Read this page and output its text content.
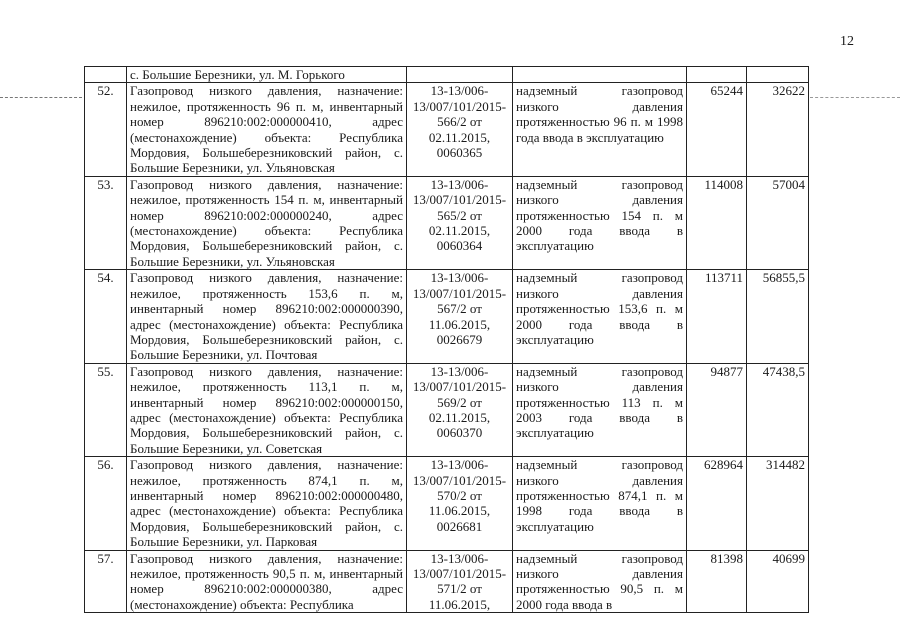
12
	с. Большие Березники, ул. М. Горького				
52.	Газопровод низкого давления, назначение: нежилое, протяженность 96 п. м, инвентарный номер 896210:002:000000410, адрес (местонахождение) объекта: Республика Мордовия, Большеберезниковский район, с. Большие Березники, ул. Ульяновская	13-13/006-13/007/101/2015-566/2 от 02.11.2015, 0060365	надземный газопровод низкого давления протяженностью 96 п. м 1998 года ввода в эксплуатацию	65244	32622
53.	Газопровод низкого давления, назначение: нежилое, протяженность 154 п. м, инвентарный номер 896210:002:000000240, адрес (местонахождение) объекта: Республика Мордовия, Большеберезниковский район, с. Большие Березники, ул. Ульяновская	13-13/006-13/007/101/2015-565/2 от 02.11.2015, 0060364	надземный газопровод низкого давления протяженностью 154 п. м 2000 года ввода в эксплуатацию	114008	57004
54.	Газопровод низкого давления, назначение: нежилое, протяженность 153,6 п. м, инвентарный номер 896210:002:000000390, адрес (местонахождение) объекта: Республика Мордовия, Большеберезниковский район, с. Большие Березники, ул. Почтовая	13-13/006-13/007/101/2015-567/2 от 11.06.2015, 0026679	надземный газопровод низкого давления протяженностью 153,6 п. м 2000 года ввода в эксплуатацию	113711	56855,5
55.	Газопровод низкого давления, назначение: нежилое, протяженность 113,1 п. м, инвентарный номер 896210:002:000000150, адрес (местонахождение) объекта: Республика Мордовия, Большеберезниковский район, с. Большие Березники, ул. Советская	13-13/006-13/007/101/2015-569/2 от 02.11.2015, 0060370	надземный газопровод низкого давления протяженностью 113 п. м 2003 года ввода в эксплуатацию	94877	47438,5
56.	Газопровод низкого давления, назначение: нежилое, протяженность 874,1 п. м, инвентарный номер 896210:002:000000480, адрес (местонахождение) объекта: Республика Мордовия, Большеберезниковский район, с. Большие Березники, ул. Парковая	13-13/006-13/007/101/2015-570/2 от 11.06.2015, 0026681	надземный газопровод низкого давления протяженностью 874,1 п. м 1998 года ввода в эксплуатацию	628964	314482
57.	Газопровод низкого давления, назначение: нежилое, протяженность 90,5 п. м, инвентарный номер 896210:002:000000380, адрес (местонахождение) объекта: Республика	13-13/006-13/007/101/2015-571/2 от 11.06.2015,	надземный газопровод низкого давления протяженностью 90,5 п. м 2000 года ввода в	81398	40699
